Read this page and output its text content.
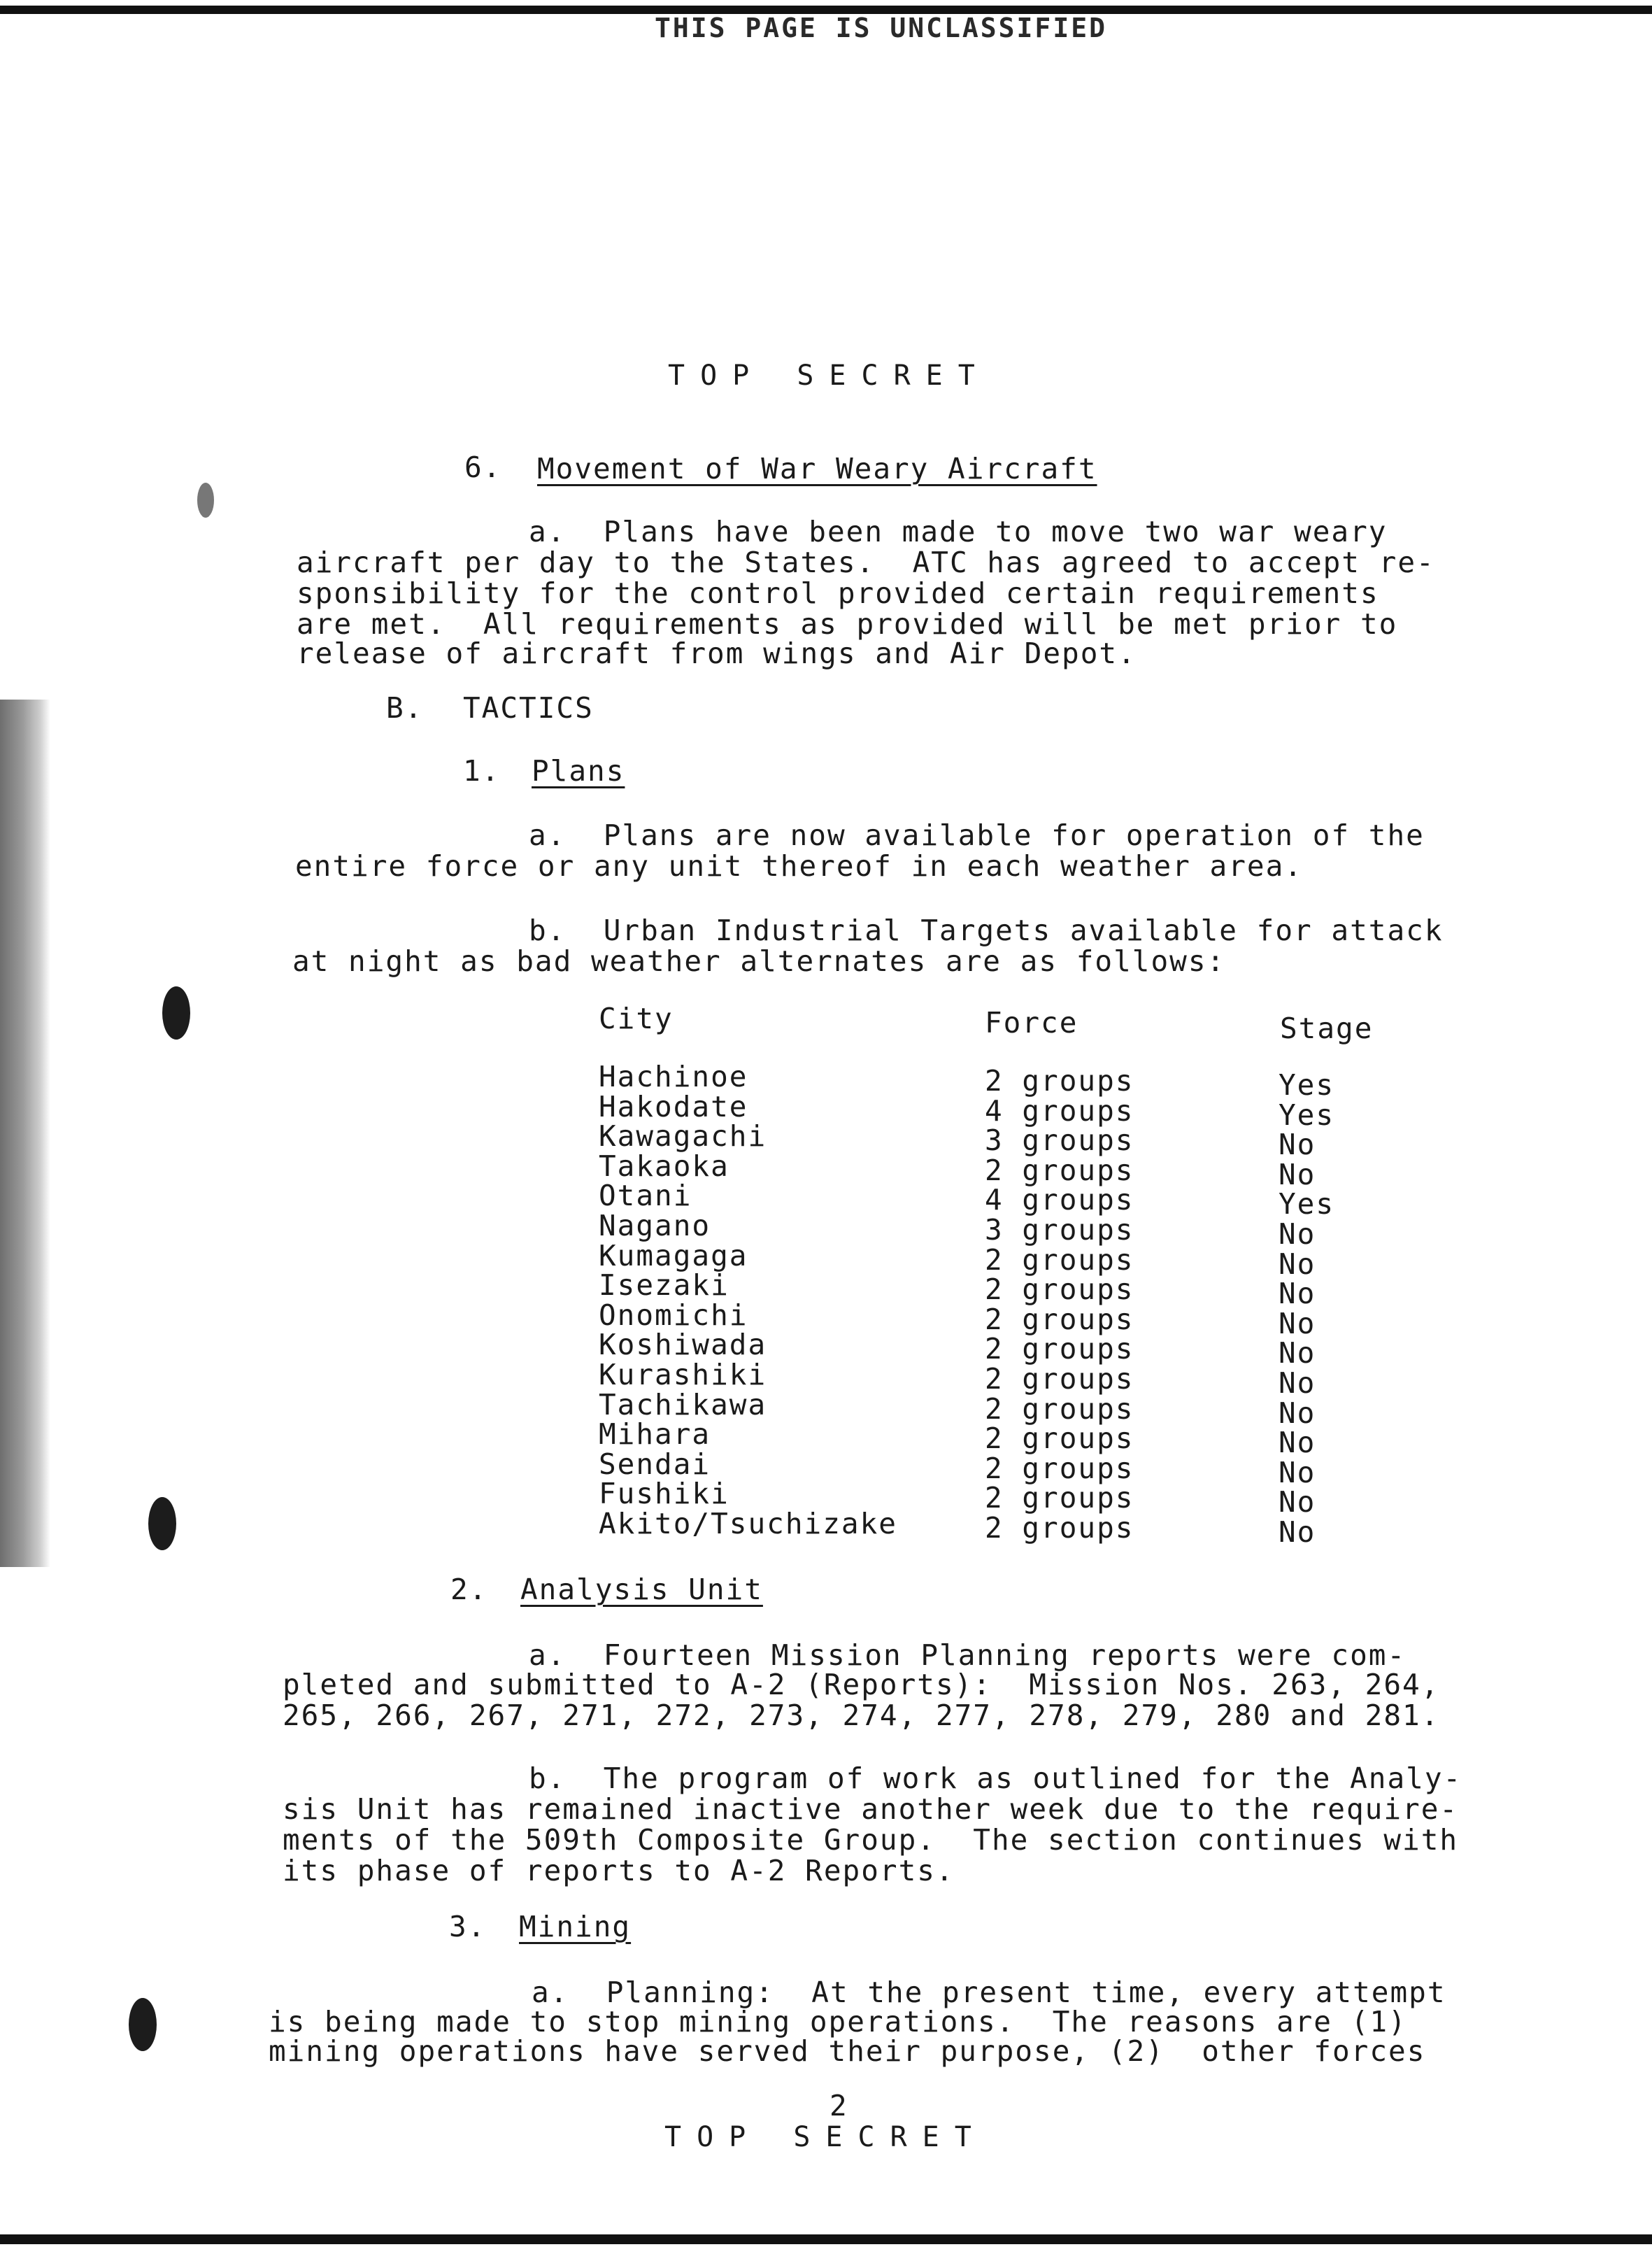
THIS PAGE IS UNCLASSIFIED
TOP SECRET
6. Movement of War Weary Aircraft
a.  Plans have been made to move two war weary
aircraft per day to the States.  ATC has agreed to accept re-
sponsibility for the control provided certain requirements
are met.  All requirements as provided will be met prior to
release of aircraft from wings and Air Depot.
B. TACTICS
1. Plans
a.  Plans are now available for operation of the
entire force or any unit thereof in each weather area.
b.  Urban Industrial Targets available for attack
at night as bad weather alternates are as follows:
City	Force	Stage
Hachinoe
Hakodate
Kawagachi
Takaoka
Otani
Nagano
Kumagaga
Isezaki
Onomichi
Koshiwada
Kurashiki
Tachikawa
Mihara
Sendai
Fushiki
Akito/Tsuchizake
2 groups
4 groups
3 groups
2 groups
4 groups
3 groups
2 groups
2 groups
2 groups
2 groups
2 groups
2 groups
2 groups
2 groups
2 groups
2 groups
Yes
Yes
No
No
Yes
No
No
No
No
No
No
No
No
No
No
No
2. Analysis Unit
a.  Fourteen Mission Planning reports were com-
pleted and submitted to A-2 (Reports):  Mission Nos. 263, 264,
265, 266, 267, 271, 272, 273, 274, 277, 278, 279, 280 and 281.
b.  The program of work as outlined for the Analy-
sis Unit has remained inactive another week due to the require-
ments of the 509th Composite Group.  The section continues with
its phase of reports to A-2 Reports.
3. Mining
a.  Planning:  At the present time, every attempt
is being made to stop mining operations.  The reasons are (1)
mining operations have served their purpose, (2)  other forces
2
TOP SECRET
